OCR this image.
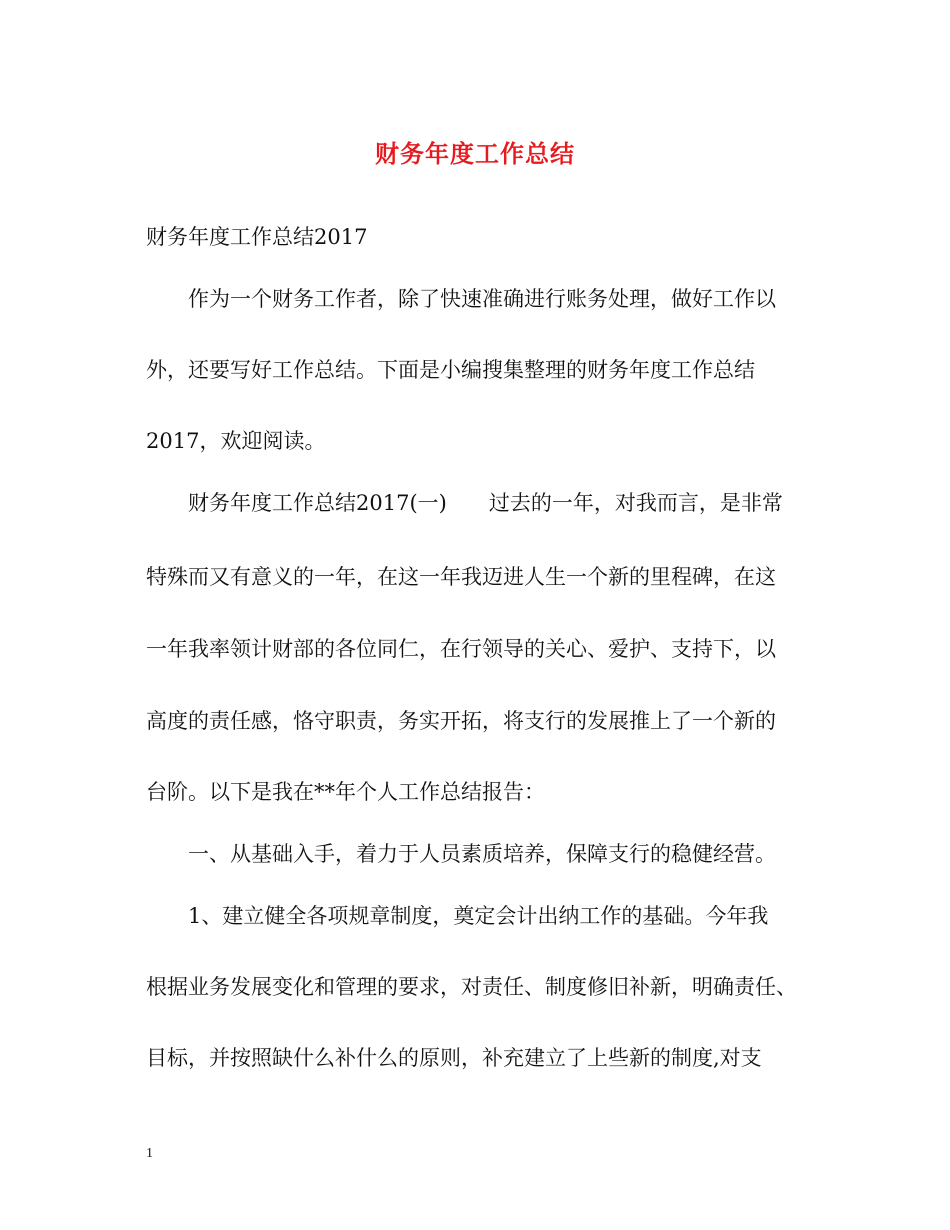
财务年度工作总结
财务年度工作总结2017
作为一个财务工作者，除了快速准确进行账务处理，做好工作以
外，还要写好工作总结。下面是小编搜集整理的财务年度工作总结
2017，欢迎阅读。
财务年度工作总结2017(一)　　过去的一年，对我而言，是非常
特殊而又有意义的一年，在这一年我迈进人生一个新的里程碑，在这
一年我率领计财部的各位同仁，在行领导的关心、爱护、支持下，以
高度的责任感，恪守职责，务实开拓，将支行的发展推上了一个新的
台阶。以下是我在**年个人工作总结报告：
一、从基础入手，着力于人员素质培养，保障支行的稳健经营。
1、建立健全各项规章制度，奠定会计出纳工作的基础。今年我
根据业务发展变化和管理的要求，对责任、制度修旧补新，明确责任、
目标，并按照缺什么补什么的原则，补充建立了上些新的制度,对支
1
